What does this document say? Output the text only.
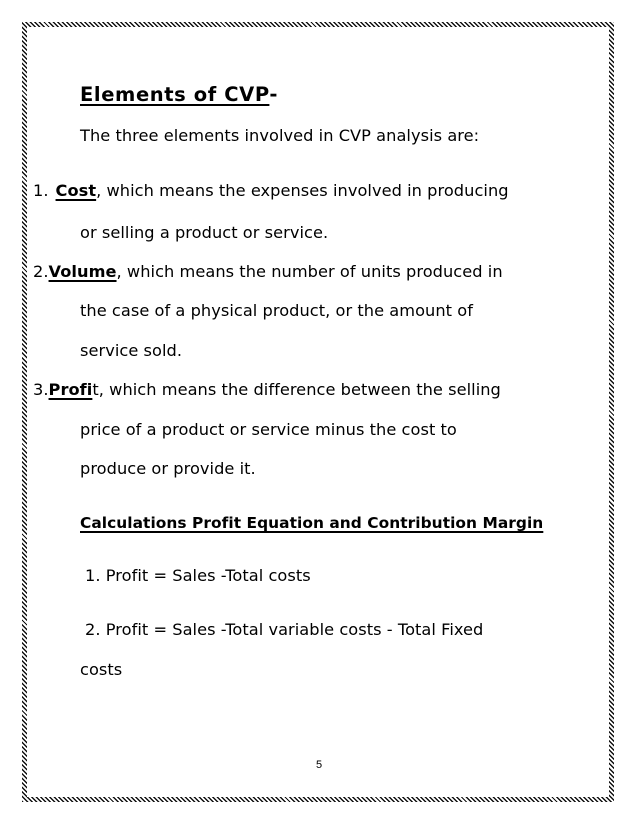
Elements of CVP-
The three elements involved in CVP analysis are:
1. Cost, which means the expenses involved in producing
or selling a product or service.
2.Volume, which means the number of units produced in
the case of a physical product, or the amount of
service sold.
3.Profit, which means the difference between the selling
price of a product or service minus the cost to
produce or provide it.
Calculations Profit Equation and Contribution Margin
1. Profit = Sales -Total costs
2. Profit = Sales -Total variable costs - Total Fixed
costs
5
